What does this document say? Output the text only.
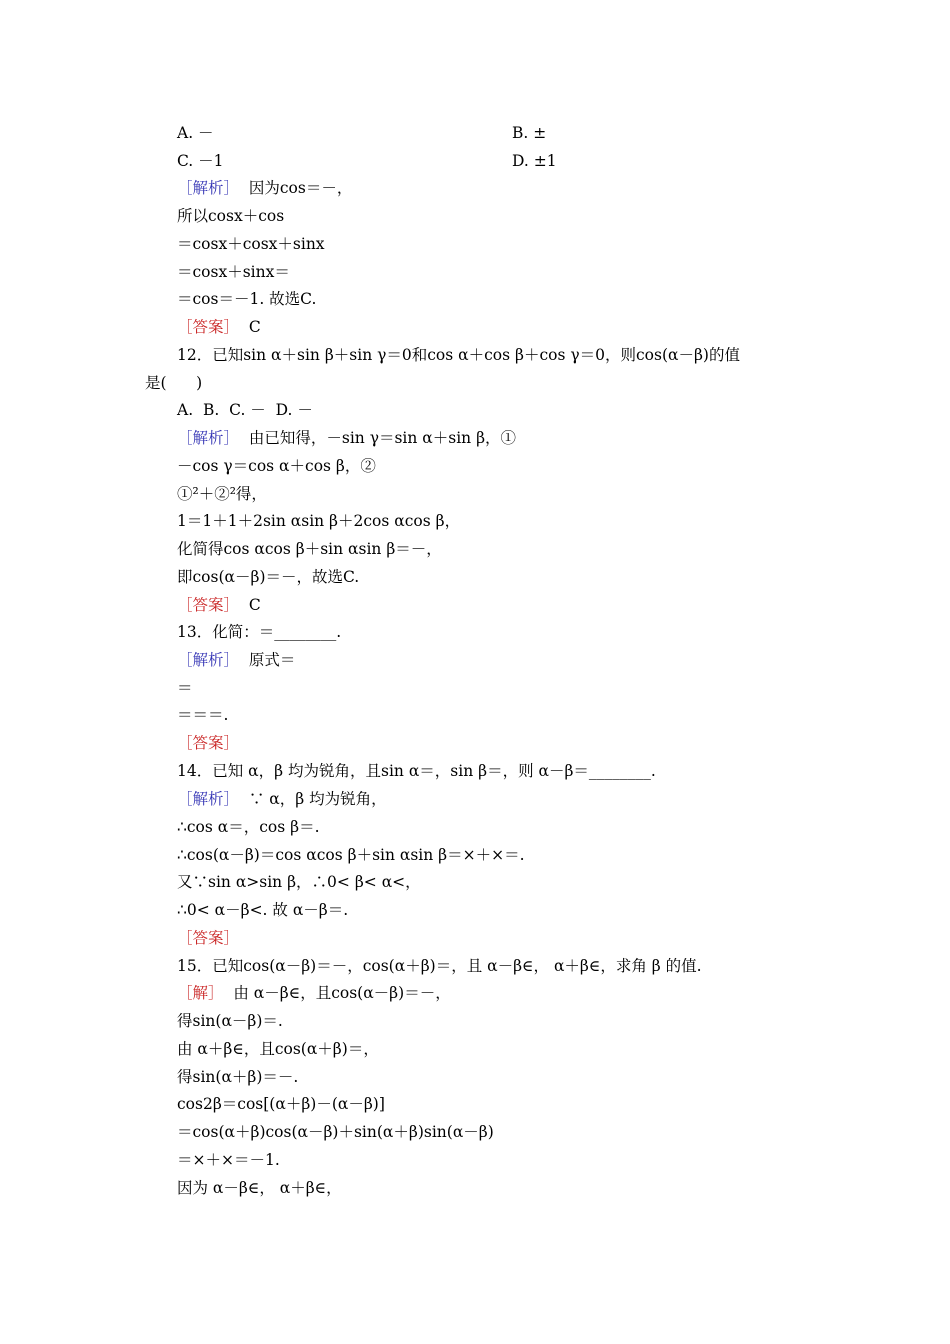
A. －	B. ±
C. －1	D. ±1
［解析］  因为cos＝－，
所以cosx＋cos
＝cosx＋cosx＋sinx
＝cosx＋sinx＝
＝cos＝－1. 故选C.
［答案］  C
12．已知sin α＋sin β＋sin γ＝0和cos α＋cos β＋cos γ＝0，则cos(α－β)的值
是(      )
A.  B.  C. －  D. －
［解析］  由已知得，－sin γ＝sin α＋sin β，①
－cos γ＝cos α＋cos β，②
①²＋②²得，
1＝1＋1＋2sin αsin β＋2cos αcos β，
化简得cos αcos β＋sin αsin β＝－，
即cos(α－β)＝－，故选C.
［答案］  C
13．化简：＝________.
［解析］  原式＝
＝
＝＝＝.
［答案］
14．已知 α，β 均为锐角，且sin α＝，sin β＝，则 α－β＝________.
［解析］  ∵ α，β 均为锐角，
∴cos α＝，cos β＝.
∴cos(α－β)＝cos αcos β＋sin αsin β＝×＋×＝.
又∵sin α>sin β，∴0< β< α<，
∴0< α－β<. 故 α－β＝.
［答案］
15．已知cos(α－β)＝－，cos(α＋β)＝，且 α－β∈， α＋β∈，求角 β 的值.
［解］  由 α－β∈，且cos(α－β)＝－，
得sin(α－β)＝.
由 α＋β∈，且cos(α＋β)＝，
得sin(α＋β)＝－.
cos2β＝cos[(α＋β)－(α－β)]
＝cos(α＋β)cos(α－β)＋sin(α＋β)sin(α－β)
＝×＋×＝－1.
因为 α－β∈， α＋β∈，
